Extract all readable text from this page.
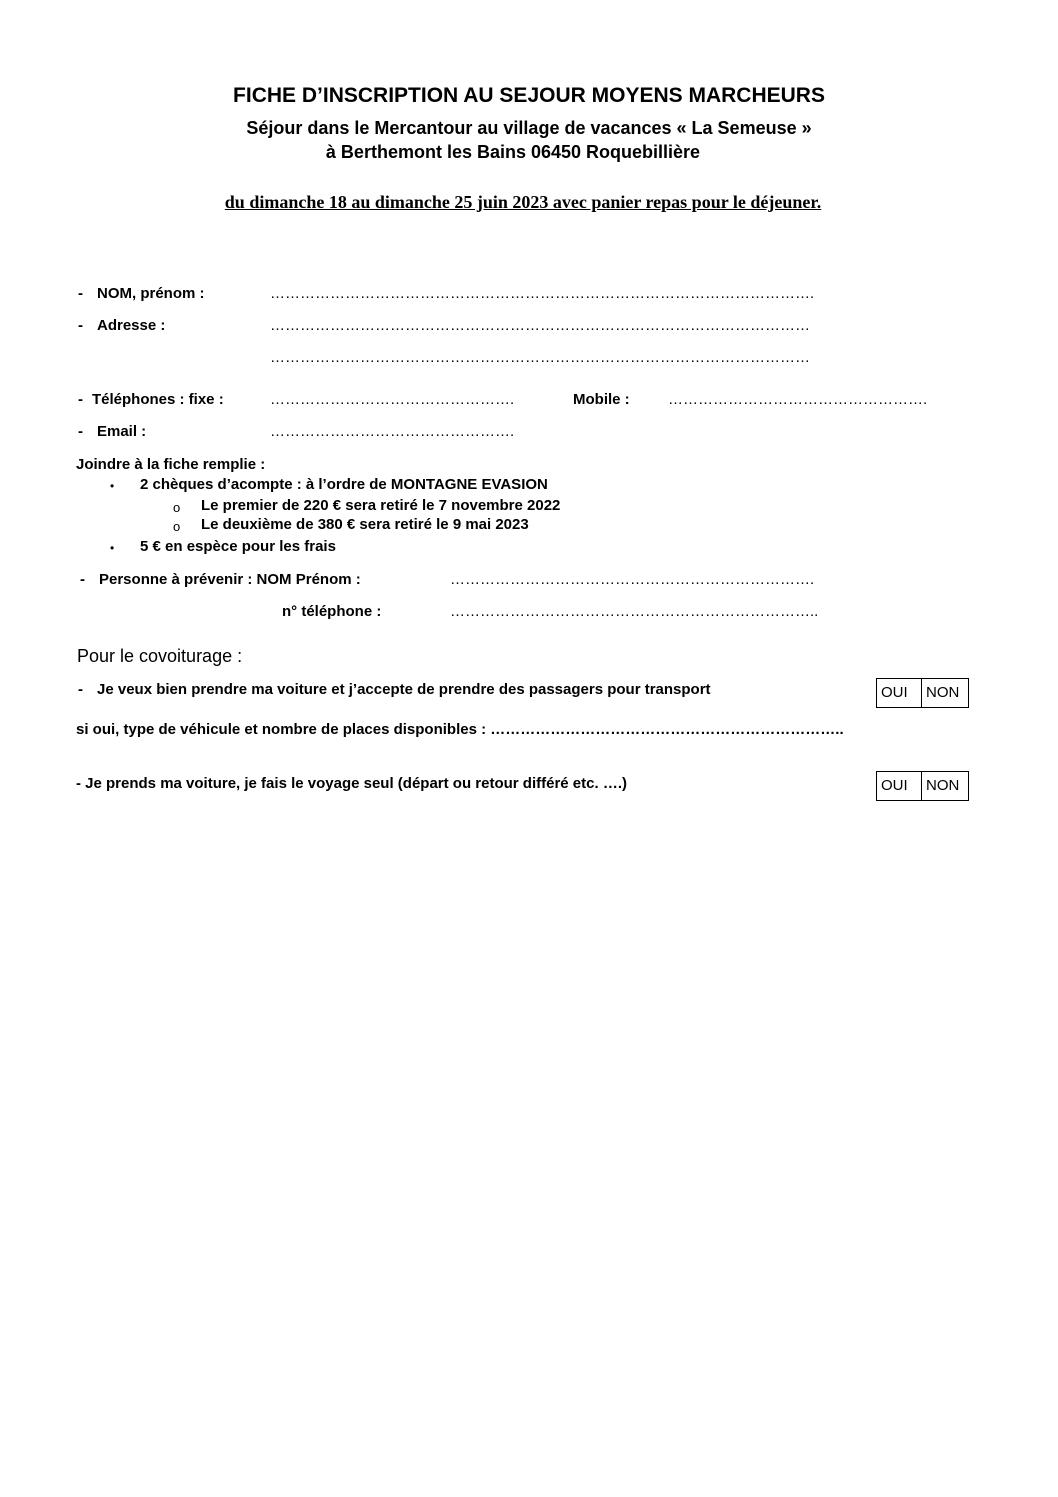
FICHE D’INSCRIPTION AU SEJOUR MOYENS MARCHEURS
Séjour dans le Mercantour au village de vacances « La Semeuse »
à Berthemont les Bains 06450 Roquebillière
du dimanche 18 au dimanche 25 juin 2023 avec panier repas pour le déjeuner.
- NOM, prénom :	……………………………………………………………………………………………….
- Adresse :	………………………………………………………………………………………………
………………………………………………………………………………………………
- Téléphones : fixe :	………………………………………….	Mobile :	…………………………………………….
- Email :	………………………………………….
Joindre à la fiche remplie :
• 2 chèques d’acompte : à l’ordre de MONTAGNE EVASION
o Le premier de 220 € sera retiré le 7 novembre 2022
o Le deuxième de 380 € sera retiré le 9 mai 2023
• 5 € en espèce pour les frais
- Personne à prévenir : NOM Prénom :	……………………………………………………………….
n° téléphone :	………………………………………………………………..
Pour le covoiturage :
- Je veux bien prendre ma voiture et j’accepte de prendre des passagers pour transport	OUI	NON
si oui, type de véhicule et nombre de places disponibles : ……………………………………………………………..
- Je prends ma voiture, je fais le voyage seul (départ ou retour différé etc. ….)	OUI	NON
